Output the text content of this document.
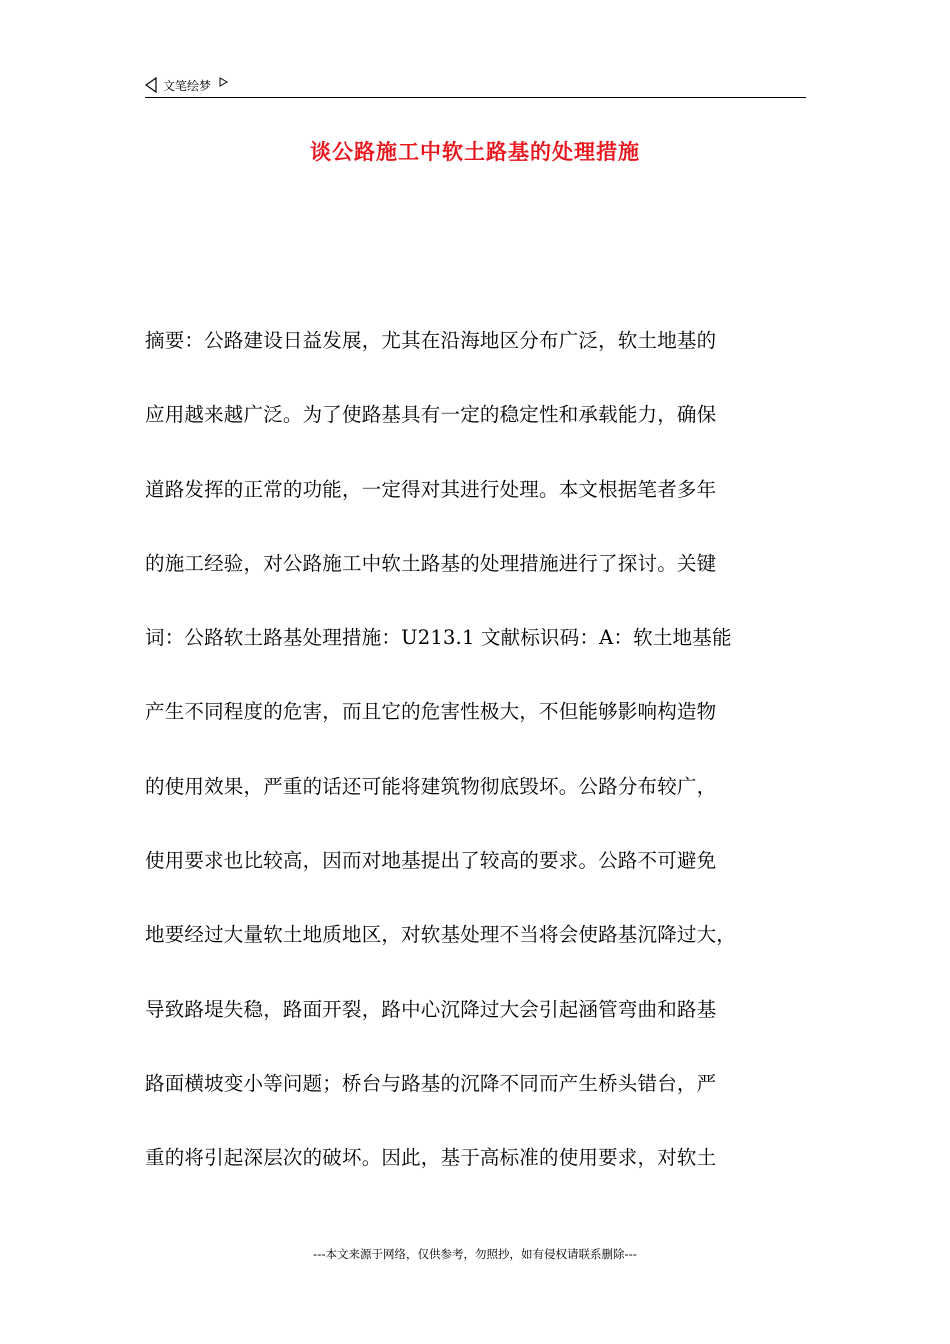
文笔绘梦
谈公路施工中软土路基的处理措施
摘要：公路建设日益发展，尤其在沿海地区分布广泛，软土地基的
应用越来越广泛。为了使路基具有一定的稳定性和承载能力，确保
道路发挥的正常的功能，一定得对其进行处理。本文根据笔者多年
的施工经验，对公路施工中软土路基的处理措施进行了探讨。关键
词：公路软土路基处理措施：U213.1 文献标识码：A：软土地基能
产生不同程度的危害，而且它的危害性极大，不但能够影响构造物
的使用效果，严重的话还可能将建筑物彻底毁坏。公路分布较广，
使用要求也比较高，因而对地基提出了较高的要求。公路不可避免
地要经过大量软土地质地区，对软基处理不当将会使路基沉降过大，
导致路堤失稳，路面开裂，路中心沉降过大会引起涵管弯曲和路基
路面横坡变小等问题；桥台与路基的沉降不同而产生桥头错台，严
重的将引起深层次的破坏。因此，基于高标准的使用要求，对软土
---本文来源于网络，仅供参考，勿照抄，如有侵权请联系删除---
